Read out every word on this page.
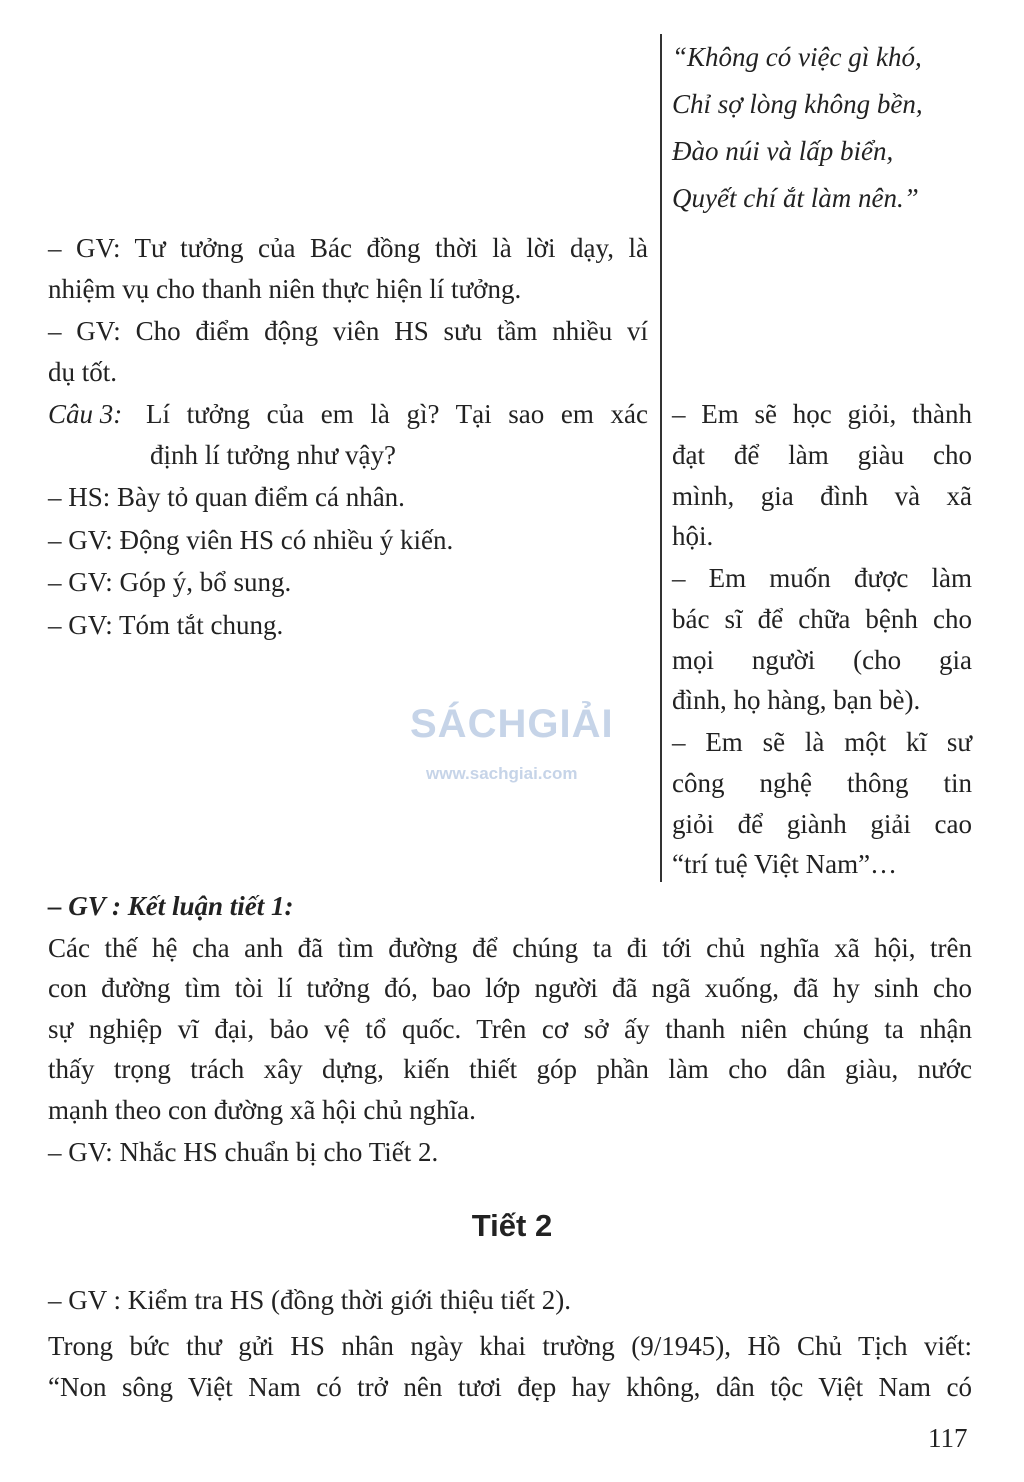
“Không có việc gì khó,
Chỉ sợ lòng không bền,
Đào núi và lấp biển,
Quyết chí ắt làm nên.”
– GV: Tư tưởng của Bác đồng thời là lời dạy, là
nhiệm vụ cho thanh niên thực hiện lí tưởng.
– GV: Cho điểm động viên HS sưu tầm nhiều ví
dụ tốt.
Câu 3: Lí tưởng của em là gì? Tại sao em xác
định lí tưởng như vậy?
– HS: Bày tỏ quan điểm cá nhân.
– GV: Động viên HS có nhiều ý kiến.
– GV: Góp ý, bổ sung.
– GV: Tóm tắt chung.
– Em sẽ học giỏi, thành
đạt để làm giàu cho
mình, gia đình và xã
hội.
– Em muốn được làm
bác sĩ để chữa bệnh cho
mọi người (cho gia
đình, họ hàng, bạn bè).
– Em sẽ là một kĩ sư
công nghệ thông tin
giỏi để giành giải cao
“trí tuệ Việt Nam”…
SÁCHGIẢI
www.sachgiai.com
– GV : Kết luận tiết 1:
Các thế hệ cha anh đã tìm đường để chúng ta đi tới chủ nghĩa xã hội, trên
con đường tìm tòi lí tưởng đó, bao lớp người đã ngã xuống, đã hy sinh cho
sự nghiệp vĩ đại, bảo vệ tổ quốc. Trên cơ sở ấy thanh niên chúng ta nhận
thấy trọng trách xây dựng, kiến thiết góp phần làm cho dân giàu, nước
mạnh theo con đường xã hội chủ nghĩa.
– GV: Nhắc HS chuẩn bị cho Tiết 2.
Tiết 2
– GV : Kiểm tra HS (đồng thời giới thiệu tiết 2).
Trong bức thư gửi HS nhân ngày khai trường (9/1945), Hồ Chủ Tịch viết:
“Non sông Việt Nam có trở nên tươi đẹp hay không, dân tộc Việt Nam có
117
